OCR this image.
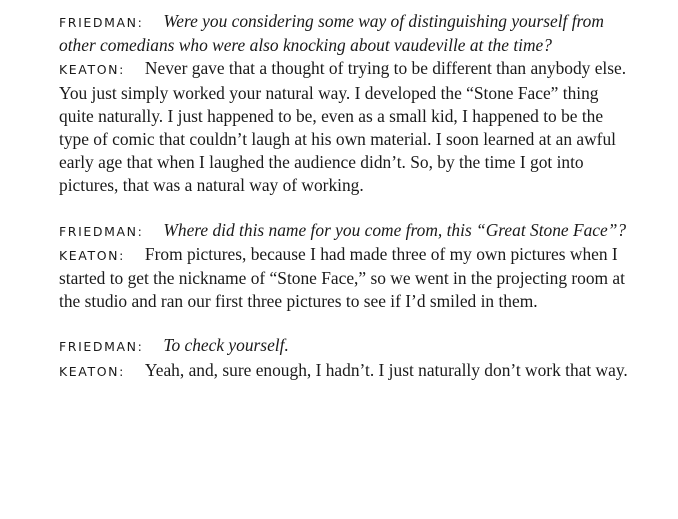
FRIEDMAN: Were you considering some way of distinguishing yourself from other comedians who were also knocking about vaudeville at the time?
KEATON: Never gave that a thought of trying to be different than anybody else. You just simply worked your natural way. I developed the “Stone Face” thing quite naturally. I just happened to be, even as a small kid, I happened to be the type of comic that couldn’t laugh at his own material. I soon learned at an awful early age that when I laughed the audience didn’t. So, by the time I got into pictures, that was a natural way of working.
FRIEDMAN: Where did this name for you come from, this “Great Stone Face”?
KEATON: From pictures, because I had made three of my own pictures when I started to get the nickname of “Stone Face,” so we went in the projecting room at the studio and ran our first three pictures to see if I’d smiled in them.
FRIEDMAN: To check yourself.
KEATON: Yeah, and, sure enough, I hadn’t. I just naturally don’t work that way.
